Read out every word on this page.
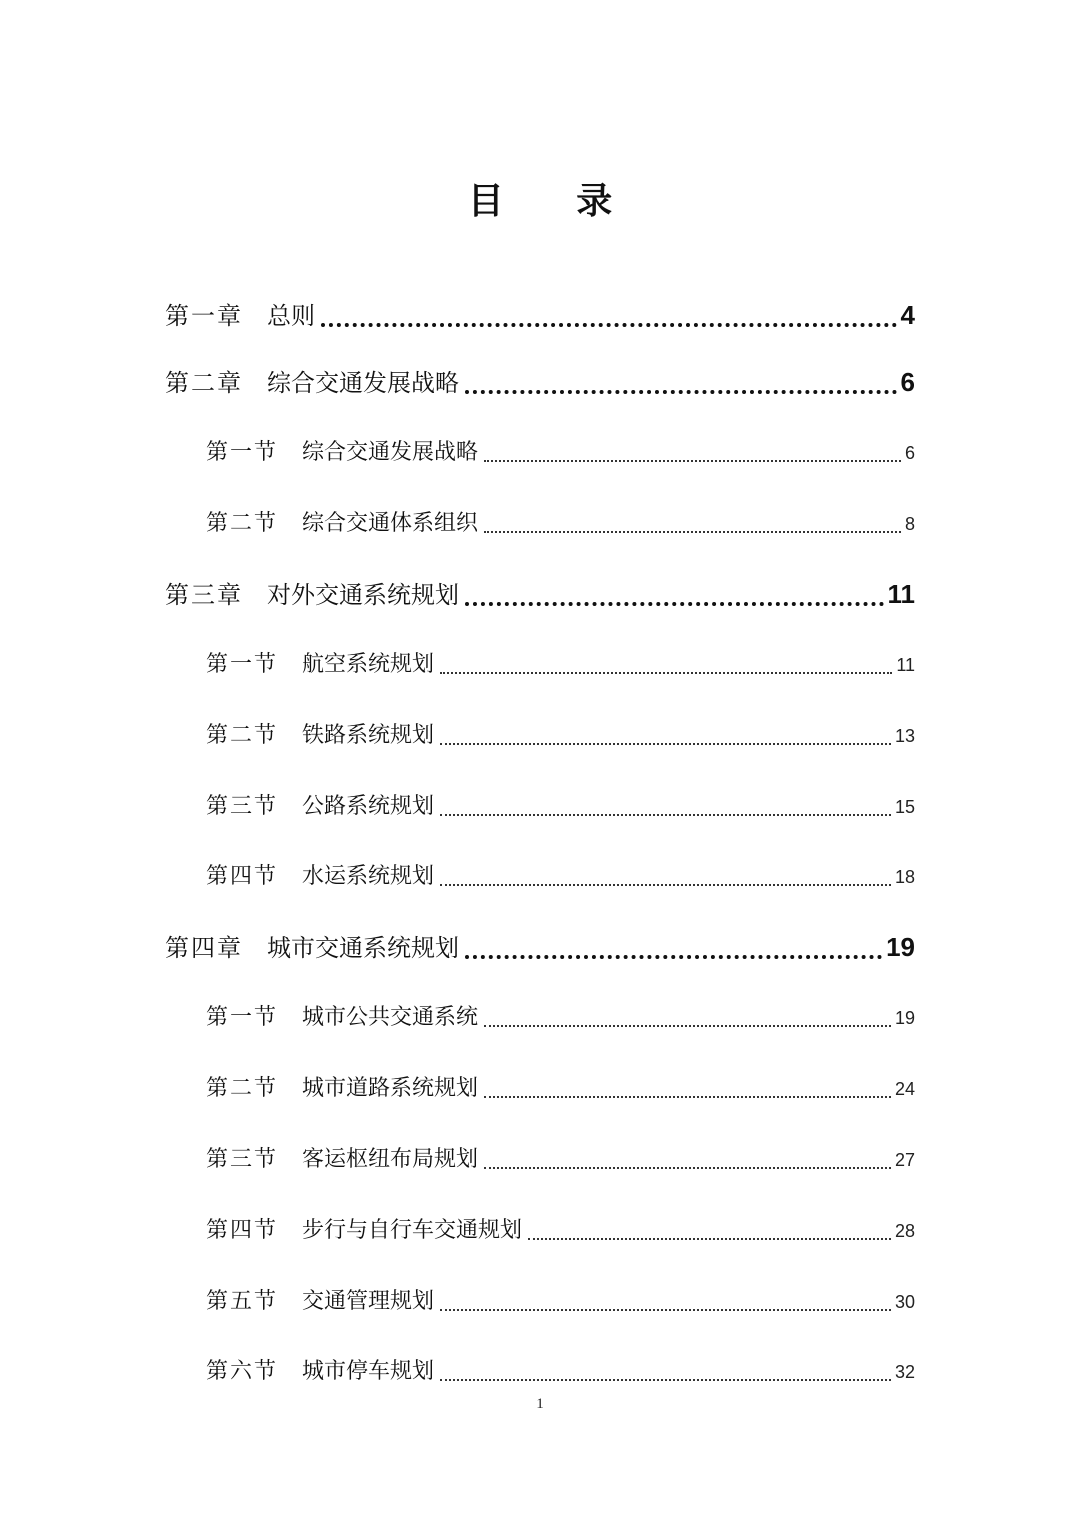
目 录
第一章 总则	4
第二章 综合交通发展战略	6
第一节 综合交通发展战略	6
第二节 综合交通体系组织	8
第三章 对外交通系统规划	11
第一节 航空系统规划	11
第二节 铁路系统规划	13
第三节 公路系统规划	15
第四节 水运系统规划	18
第四章 城市交通系统规划	19
第一节 城市公共交通系统	19
第二节 城市道路系统规划	24
第三节 客运枢纽布局规划	27
第四节 步行与自行车交通规划	28
第五节 交通管理规划	30
第六节 城市停车规划	32
1
